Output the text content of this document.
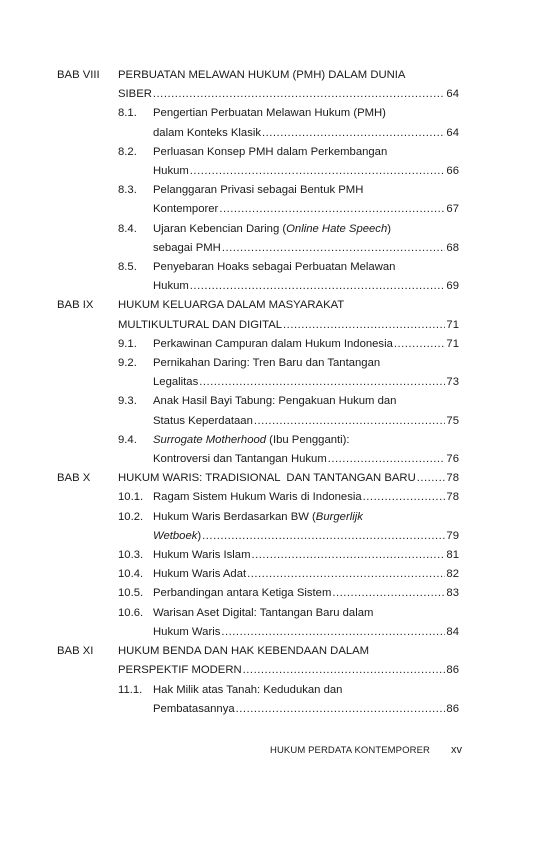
BAB VIII PERBUATAN MELAWAN HUKUM (PMH) DALAM DUNIA
SIBER .....	64
8.1. Pengertian Perbuatan Melawan Hukum (PMH)
dalam Konteks Klasik .....	64
8.2. Perluasan Konsep PMH dalam Perkembangan
Hukum .....	66
8.3. Pelanggaran Privasi sebagai Bentuk PMH
Kontemporer .....	67
8.4. Ujaran Kebencian Daring (Online Hate Speech)
sebagai PMH .....	68
8.5. Penyebaran Hoaks sebagai Perbuatan Melawan
Hukum .....	69
BAB IX HUKUM KELUARGA DALAM MASYARAKAT
MULTIKULTURAL DAN DIGITAL .....	71
9.1. Perkawinan Campuran dalam Hukum Indonesia .....	71
9.2. Pernikahan Daring: Tren Baru dan Tantangan
Legalitas .....	73
9.3. Anak Hasil Bayi Tabung: Pengakuan Hukum dan
Status Keperdataan .....	75
9.4. Surrogate Motherhood (Ibu Pengganti):
Kontroversi dan Tantangan Hukum .....	76
BAB X HUKUM WARIS: TRADISIONAL  DAN TANTANGAN BARU .....	78
10.1. Ragam Sistem Hukum Waris di Indonesia .....	78
10.2. Hukum Waris Berdasarkan BW (Burgerlijk
Wetboek) .....	79
10.3. Hukum Waris Islam .....	81
10.4. Hukum Waris Adat .....	82
10.5. Perbandingan antara Ketiga Sistem .....	83
10.6. Warisan Aset Digital: Tantangan Baru dalam
Hukum Waris .....	84
BAB XI HUKUM BENDA DAN HAK KEBENDAAN DALAM
PERSPEKTIF MODERN .....	86
11.1. Hak Milik atas Tanah: Kedudukan dan
Pembatasannya .....	86
HUKUM PERDATA KONTEMPORER xv
